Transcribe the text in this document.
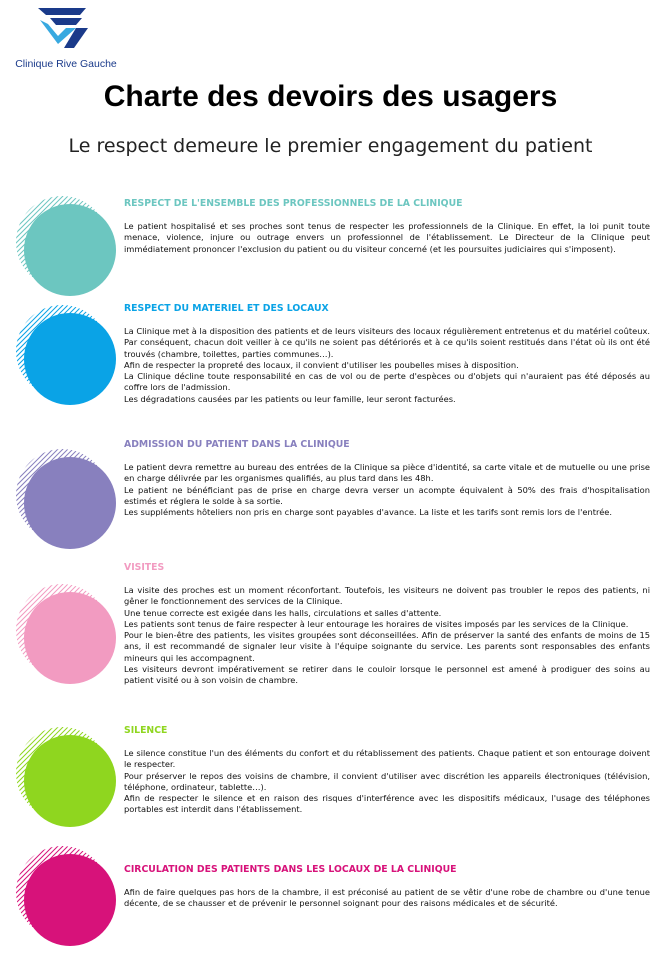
Clinique Rive Gauche
Charte des devoirs des usagers

Le respect demeure le premier engagement du patient

RESPECT DE L'ENSEMBLE DES PROFESSIONNELS DE LA CLINIQUE

Le patient hospitalisé et ses proches sont tenus de respecter les professionnels de la Clinique. En effet, la loi punit toute menace, violence, injure ou outrage envers un professionnel de l'établissement. Le Directeur de la Clinique peut immédiatement prononcer l'exclusion du patient ou du visiteur concerné (et les poursuites judiciaires qui s'imposent).

RESPECT DU MATERIEL ET DES LOCAUX

La Clinique met à la disposition des patients et de leurs visiteurs des locaux régulièrement entretenus et du matériel coûteux. Par conséquent, chacun doit veiller à ce qu'ils ne soient pas détériorés et à ce qu'ils soient restitués dans l'état où ils ont été trouvés (chambre, toilettes, parties communes…).

Afin de respecter la propreté des locaux, il convient d'utiliser les poubelles mises à disposition.

La Clinique décline toute responsabilité en cas de vol ou de perte d'espèces ou d'objets qui n'auraient pas été déposés au coffre lors de l'admission.

Les dégradations causées par les patients ou leur famille, leur seront facturées.

ADMISSION DU PATIENT DANS LA CLINIQUE

Le patient devra remettre au bureau des entrées de la Clinique sa pièce d'identité, sa carte vitale et de mutuelle ou une prise en charge délivrée par les organismes qualifiés, au plus tard dans les 48h.

Le patient ne bénéficiant pas de prise en charge devra verser un acompte équivalent à 50% des frais d'hospitalisation estimés et réglera le solde à sa sortie.

Les suppléments hôteliers non pris en charge sont payables d'avance. La liste et les tarifs sont remis lors de l'entrée.

VISITES

La visite des proches est un moment réconfortant. Toutefois, les visiteurs ne doivent pas troubler le repos des patients, ni gêner le fonctionnement des services de la Clinique.

Une tenue correcte est exigée dans les halls, circulations et salles d'attente.

Les patients sont tenus de faire respecter à leur entourage les horaires de visites imposés par les services de la Clinique.

Pour le bien-être des patients, les visites groupées sont déconseillées. Afin de préserver la santé des enfants de moins de 15 ans, il est recommandé de signaler leur visite à l'équipe soignante du service. Les parents sont responsables des enfants mineurs qui les accompagnent.

Les visiteurs devront impérativement se retirer dans le couloir lorsque le personnel est amené à prodiguer des soins au patient visité ou à son voisin de chambre.

SILENCE

Le silence constitue l'un des éléments du confort et du rétablissement des patients. Chaque patient et son entourage doivent le respecter.

Pour préserver le repos des voisins de chambre, il convient d'utiliser avec discrétion les appareils électroniques (télévision, téléphone, ordinateur, tablette…).

Afin de respecter le silence et en raison des risques d'interférence avec les dispositifs médicaux, l'usage des téléphones portables est interdit dans l'établissement.

CIRCULATION DES PATIENTS DANS LES LOCAUX DE LA CLINIQUE

Afin de faire quelques pas hors de la chambre, il est préconisé au patient de se vêtir d'une robe de chambre ou d'une tenue décente, de se chausser et de prévenir le personnel soignant pour des raisons médicales et de sécurité.
